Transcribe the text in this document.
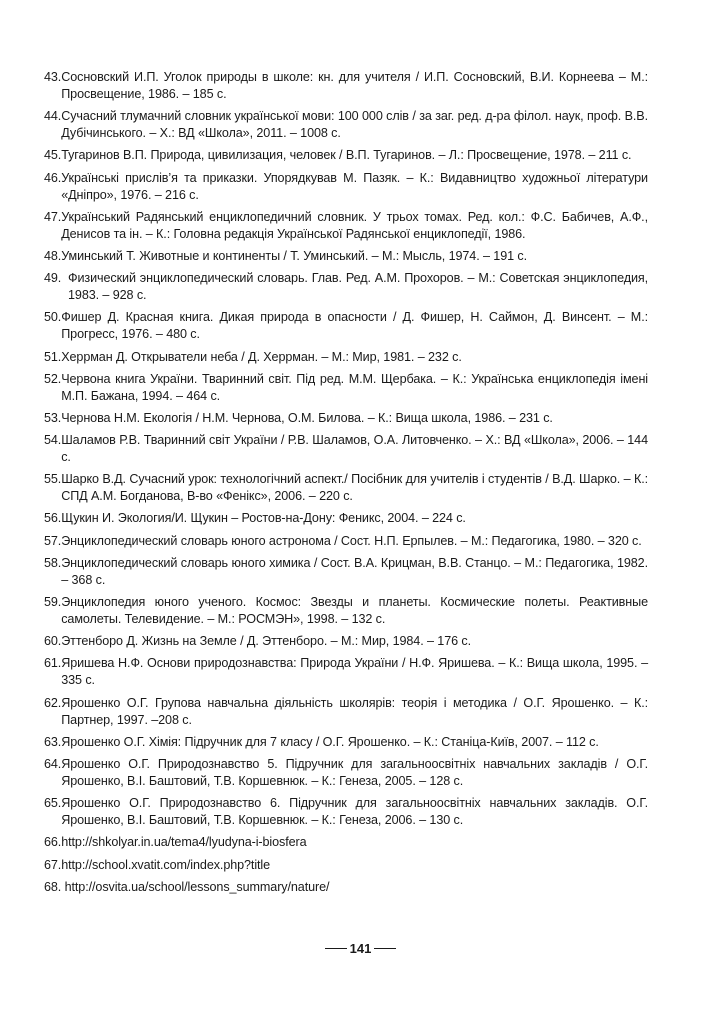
43. Сосновский И.П. Уголок природы в школе: кн. для учителя / И.П. Сосновский, В.И. Корнеева – М.: Просвещение, 1986. – 185 с.
44. Сучасний тлумачний словник української мови: 100 000 слів / за заг. ред. д-ра філол. наук, проф. В.В. Дубічинського. – Х.: ВД «Школа», 2011. – 1008 с.
45. Тугаринов В.П. Природа, цивилизация, человек / В.П. Тугаринов. – Л.: Просвещение, 1978. – 211 с.
46. Українські прислів’я та приказки. Упорядкував М. Пазяк. – К.: Видавництво художньої літератури «Дніпро», 1976. – 216 с.
47. Український Радянський енциклопедичний словник. У трьох томах. Ред. кол.: Ф.С. Бабичев, А.Ф., Денисов та ін. – К.: Головна редакція Української Радянської енциклопедії, 1986.
48. Уминський Т. Животные и континенты / Т. Уминський. – М.: Мысль, 1974. – 191 с.
49. Физический энциклопедический словарь. Глав. Ред. А.М. Прохоров. – М.: Советская энциклопедия, 1983. – 928 с.
50. Фишер Д. Красная книга. Дикая природа в опасности / Д. Фишер, Н. Саймон, Д. Винсент. – М.: Прогресс, 1976. – 480 с.
51. Херрман Д. Открыватели неба / Д. Херрман. – М.: Мир, 1981. – 232 с.
52. Червона книга України. Тваринний світ. Під ред. М.М. Щербака. – К.: Українська енциклопедія імені М.П. Бажана, 1994. – 464 с.
53. Чернова Н.М. Екологія / Н.М. Чернова, О.М. Билова. – К.: Вища школа, 1986. – 231 с.
54. Шаламов Р.В. Тваринний світ України / Р.В. Шаламов, О.А. Литовченко. – Х.: ВД «Школа», 2006. – 144 с.
55. Шарко В.Д. Сучасний урок: технологічний аспект./ Посібник для учителів і студентів / В.Д. Шарко. – К.: СПД А.М. Богданова, В-во «Фенікс», 2006. – 220 с.
56. Щукин И. Экология/И. Щукин – Ростов-на-Дону: Феникс, 2004. – 224 с.
57. Энциклопедический словарь юного астронома / Сост. Н.П. Ерпылев. – М.: Педагогика, 1980. – 320 с.
58. Энциклопедический словарь юного химика / Сост. В.А. Крицман, В.В. Станцо. – М.: Педагогика, 1982. – 368 с.
59. Энциклопедия юного ученого. Космос: Звезды и планеты. Космические полеты. Реактивные самолеты. Телевидение. – М.: РОСМЭН», 1998. – 132 с.
60. Эттенборо Д. Жизнь на Земле / Д. Эттенборо. – М.: Мир, 1984. – 176 с.
61. Яришева Н.Ф. Основи природознавства: Природа України / Н.Ф. Яришева. – К.: Вища школа, 1995. – 335 с.
62. Ярошенко О.Г. Групова навчальна діяльність школярів: теорія і методика / О.Г. Ярошенко. – К.: Партнер, 1997. –208 с.
63. Ярошенко О.Г. Хімія: Підручник для 7 класу / О.Г. Ярошенко. – К.: Станіца-Київ, 2007. – 112 с.
64. Ярошенко О.Г. Природознавство 5. Підручник для загальноосвітніх навчальних закладів / О.Г. Ярошенко, В.І. Баштовий, Т.В. Коршевнюк. – К.: Генеза, 2005. – 128 с.
65. Ярошенко О.Г. Природознавство 6. Підручник для загальноосвітніх навчальних закладів. О.Г. Ярошенко, В.І. Баштовий, Т.В. Коршевнюк. – К.: Генеза, 2006. – 130 с.
66. http://shkolyar.in.ua/tema4/lyudyna-i-biosfera
67. http://school.xvatit.com/index.php?title
68. http://osvita.ua/school/lessons_summary/nature/
141
